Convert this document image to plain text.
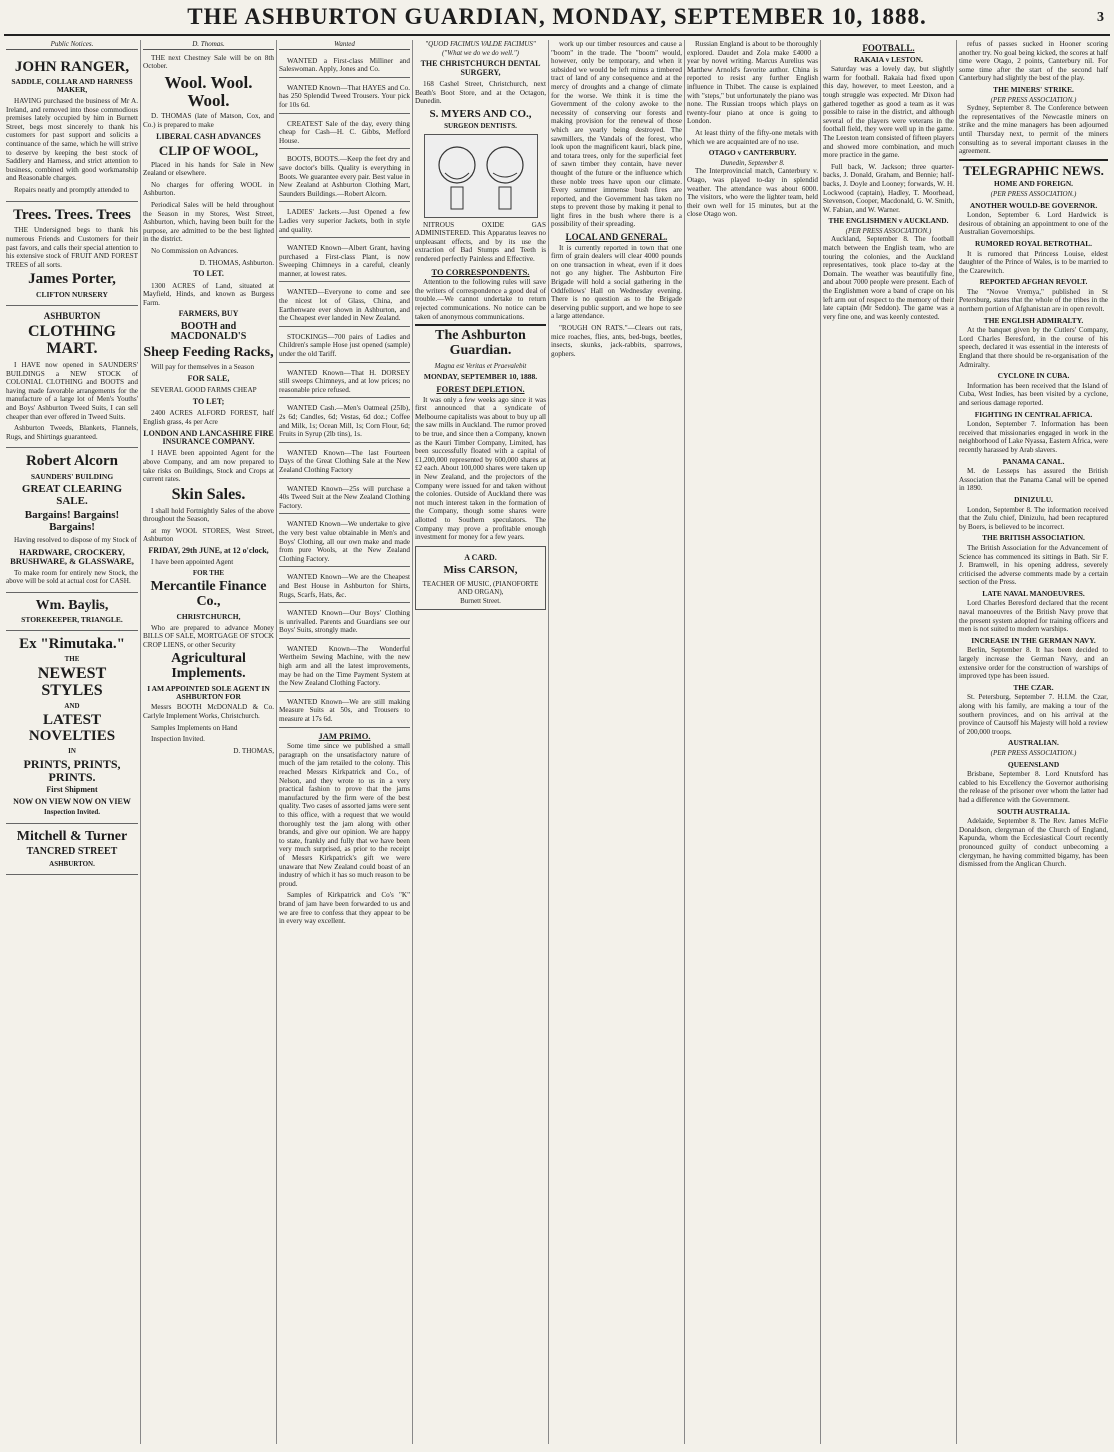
THE ASHBURTON GUARDIAN, MONDAY, SEPTEMBER 10, 1888.	3
Public Notices.
JOHN RANGER,
SADDLE, COLLAR AND HARNESS MAKER,

HAVING purchased the business of Mr A. Ireland, and removed into those commodious premises lately occupied by him in Burnett Street, begs most sincerely to thank his customers for past support and solicits a continuance of the same, which he will strive to deserve by keeping the best stock of Saddlery and Harness, and strict attention to business, combined with good workmanship and Reasonable charges.

Repairs neatly and promptly attended to

Trees. Trees. Trees

THE Undersigned begs to thank his numerous Friends and Customers for their past favors, and calls their special attention to his extensive stock of FRUIT AND FOREST TREES of all sorts.

James Porter,
CLIFTON NURSERY
ASHBURTON
CLOTHING MART.

I HAVE now opened in SAUNDERS' BUILDINGS a NEW STOCK of COLONIAL CLOTHING and BOOTS and having made favorable arrangements for the manufacture of a large lot of Men's Youths' and Boys' Ashburton Tweed Suits, I can sell cheaper than ever offered in Tweed Suits.

Ashburton Tweeds, Blankets, Flannels, Rugs, and Shirtings guaranteed.

Robert Alcorn
SAUNDERS' BUILDING
GREAT CLEARING SALE.
Bargains! Bargains! Bargains!

Having resolved to dispose of my Stock of

HARDWARE, CROCKERY, BRUSHWARE, & GLASSWARE,

To make room for entirely new Stock, the above will be sold at actual cost for CASH.

Wm. Baylis,
STOREKEEPER, TRIANGLE.
Ex "Rimutaka."
THE
NEWEST STYLES
AND
LATEST NOVELTIES
IN
PRINTS, PRINTS, PRINTS.
First Shipment
NOW ON VIEW NOW ON VIEW
Inspection Invited.
Mitchell & Turner
TANCRED STREET
ASHBURTON.
D. Thomas.

THE next Chestney Sale will be on 8th October.

Wool. Wool. Wool.

D. THOMAS (late of Matson, Cox, and Co.) is prepared to make

LIBERAL CASH ADVANCES
CLIP OF WOOL,

Placed in his hands for Sale in New Zealand or elsewhere.

No charges for offering WOOL in Ashburton.

Periodical Sales will be held throughout the Season in my Stores, West Street, Ashburton, which, having been built for the purpose, are admitted to be the best lighted in the district.

No Commission on Advances.

D. THOMAS, Ashburton.

TO LET.

1300 ACRES of Land, situated at Mayfield, Hinds, and known as Burgess Farm.

FARMERS, BUY
BOOTH and MACDONALD'S
Sheep Feeding Racks,

Will pay for themselves in a Season

FOR SALE,

SEVERAL GOOD FARMS CHEAP

TO LET;

2400 ACRES ALFORD FOREST, half English grass, 4s per Acre

LONDON AND LANCASHIRE FIRE INSURANCE COMPANY.

I HAVE been appointed Agent for the above Company, and am now prepared to take risks on Buildings, Stock and Crops at current rates.

Skin Sales.

I shall hold Fortnightly Sales of the above throughout the Season,

at my WOOL STORES, West Street, Ashburton

FRIDAY, 29th JUNE, at 12 o'clock,

I have been appointed Agent

FOR THE
Mercantile Finance Co.,
CHRISTCHURCH,

Who are prepared to advance Money BILLS OF SALE, MORTGAGE OF STOCK CROP LIENS, or other Security

Agricultural Implements.
I AM APPOINTED SOLE AGENT IN ASHBURTON FOR

Messrs BOOTH McDONALD & Co. Carlyle Implement Works, Christchurch.

Samples Implements on Hand

Inspection Invited.

D. THOMAS,

Wanted

WANTED a First-class Milliner and Saleswoman. Apply, Jones and Co.

WANTED Known—That HAYES and Co. has 250 Splendid Tweed Trousers. Your pick for 10s 6d.

CREATEST Sale of the day, every thing cheap for Cash—H. C. Gibbs, Mefford House.

BOOTS, BOOTS.—Keep the feet dry and save doctor's bills. Quality is everything in Boots. We guarantee every pair. Best value in New Zealand at Ashburton Clothing Mart, Saunders Buildings.—Robert Alcorn.

LADIES' Jackets.—Just Opened a few Ladies very superior Jackets, both in style and quality.

WANTED Known—Albert Grant, having purchased a First-class Plant, is now Sweeping Chimneys in a careful, cleanly manner, at lowest rates.

WANTED—Everyone to come and see the nicest lot of Glass, China, and Earthenware ever shown in Ashburton, and the Cheapest ever landed in New Zealand.

STOCKINGS—700 pairs of Ladies and Children's sample Hose just opened (sample) under the old Tariff.

WANTED Known—That H. DORSEY still sweeps Chimneys, and at low prices; no reasonable price refused.

WANTED Cash.—Men's Oatmeal (25lb), 2s 6d; Candles, 6d; Vestas, 6d doz.; Coffee and Milk, 1s; Ocean Mill, 1s; Corn Flour, 6d; Fruits in Syrup (2lb tins), 1s.

WANTED Known—The last Fourteen Days of the Great Clothing Sale at the New Zealand Clothing Factory

WANTED Known—25s will purchase a 40s Tweed Suit at the New Zealand Clothing Factory.

WANTED Known—We undertake to give the very best value obtainable in Men's and Boys' Clothing, all our own make and made from pure Wools, at the New Zealand Clothing Factory.

WANTED Known—We are the Cheapest and Best House in Ashburton for Shirts, Rugs, Scarfs, Hats, &c.

WANTED Known—Our Boys' Clothing is unrivalled. Parents and Guardians see our Boys' Suits, strongly made.

WANTED Known—The Wonderful Wertheim Sewing Machine, with the new high arm and all the latest improvements, may be had on the Time Payment System at the New Zealand Clothing Factory.

WANTED Known—We are still making Measure Suits at 50s, and Trousers to measure at 17s 6d.

JAM PRIMO.

Some time since we published a small paragraph on the unsatisfactory nature of much of the jam retailed to the colony. This reached Messrs Kirkpatrick and Co., of Nelson, and they wrote to us in a very practical fashion to prove that the jams manufactured by the firm were of the best quality. Two cases of assorted jams were sent to this office, with a request that we would thoroughly test the jam along with other brands, and give our opinion. We are happy to state, frankly and fully that we have been very much surprised, as prior to the receipt of Messrs Kirkpatrick's gift we were unaware that New Zealand could boast of an industry of which it has so much reason to be proud.

Samples of Kirkpatrick and Co's "K" brand of jam have been forwarded to us and we are free to confess that they appear to be in every way excellent.

"QUOD FACIMUS VALDE FACIMUS" ("What we do we do well.")
THE CHRISTCHURCH DENTAL SURGERY,

168 Cashel Street, Christchurch, next Beath's Boot Store, and at the Octagon, Dunedin.

S. MYERS AND CO.,
SURGEON DENTISTS.

NITROUS OXIDE GAS ADMINISTERED. This Apparatus leaves no unpleasant effects, and by its use the extraction of Bad Stumps and Teeth is rendered perfectly Painless and Effective.

TO CORRESPONDENTS.

Attention to the following rules will save the writers of correspondence a good deal of trouble.—We cannot undertake to return rejected communications. No notice can be taken of anonymous communications.

The Ashburton Guardian.
Magna est Veritas et Praevalebit
MONDAY, SEPTEMBER 10, 1888.
FOREST DEPLETION.

It was only a few weeks ago since it was first announced that a syndicate of Melbourne capitalists was about to buy up all the saw mills in Auckland. The rumor proved to be true, and since then a Company, known as the Kauri Timber Company, Limited, has been successfully floated with a capital of £1,200,000 represented by 600,000 shares at £2 each. About 100,000 shares were taken up in New Zealand, and the projectors of the Company were issued for and taken without the colonies. Outside of Auckland there was not much interest taken in the formation of the Company, though some shares were allotted to Southern speculators. The Company may prove a profitable enough investment for money for a few years.

A CARD.
Miss CARSON,
TEACHER OF MUSIC, (PIANOFORTE AND ORGAN),
Burnett Street.

work up our timber resources and cause a "boom" in the trade. The "boom" would, however, only be temporary, and when it subsided we would be left minus a timbered tract of land of any consequence and at the mercy of droughts and a change of climate for the worse. We think it is time the Government of the colony awoke to the necessity of conserving our forests and making provision for the renewal of those which are yearly being destroyed. The sawmillers, the Vandals of the forest, who look upon the magnificent kauri, black pine, and totara trees, only for the superficial feet of sawn timber they contain, have never thought of the future or the influence which these noble trees have upon our climate. Every summer immense bush fires are reported, and the Government has taken no steps to prevent those by making it penal to light fires in the bush where there is a possibility of their spreading.

LOCAL AND GENERAL.

It is currently reported in town that one firm of grain dealers will clear 4000 pounds on one transaction in wheat, even if it does not go any higher. The Ashburton Fire Brigade will hold a social gathering in the Oddfellows' Hall on Wednesday evening. There is no question as to the Brigade deserving public support, and we hope to see a large attendance.

"ROUGH ON RATS."—Clears out rats, mice roaches, flies, ants, bed-bugs, beetles, insects, skunks, jack-rabbits, sparrows, gophers.

Russian England is about to be thoroughly explored. Daudet and Zola make £4000 a year by novel writing. Marcus Aurelius was Matthew Arnold's favorite author. China is reported to resist any further English influence in Thibet. The cause is explained with "steps," but unfortunately the piano was none. The Russian troops which plays on twenty-four piano at once is going to London.

At least thirty of the fifty-one metals with which we are acquainted are of no use.

OTAGO v CANTERBURY.
Dunedin, September 8.

The Interprovincial match, Canterbury v. Otago, was played to-day in splendid weather. The attendance was about 6000. The visitors, who were the lighter team, held their own well for 15 minutes, but at the close Otago won.

FOOTBALL.
RAKAIA v LESTON.

Saturday was a lovely day, but slightly warm for football. Rakaia had fixed upon this day, however, to meet Leeston, and a tough struggle was expected. Mr Dixon had gathered together as good a team as it was possible to raise in the district, and although several of the players were veterans in the football field, they were well up in the game. The Leeston team consisted of fifteen players and showed more combination, and much more practice in the game.

Full back, W. Jackson; three quarter-backs, J. Donald, Graham, and Bennie; half-backs, J. Doyle and Looney; forwards, W. H. Lockwood (captain), Hadley, T. Moorhead, Stevenson, Cooper, Macdonald, G. W. Smith, W. Fabian, and W. Warner.

THE ENGLISHMEN v AUCKLAND.
(PER PRESS ASSOCIATION.)

Auckland, September 8. The football match between the English team, who are touring the colonies, and the Auckland representatives, took place to-day at the Domain. The weather was beautifully fine, and about 7000 people were present. Each of the Englishmen wore a band of crape on his left arm out of respect to the memory of their late captain (Mr Seddon). The game was a very fine one, and was keenly contested.

refus of passes sucked in Hooner scoring another try. No goal being kicked, the scores at half time were Otago, 2 points, Canterbury nil. For some time after the start of the second half Canterbury had slightly the best of the play.

THE MINERS' STRIKE.
(PER PRESS ASSOCIATION.)

Sydney, September 8. The Conference between the representatives of the Newcastle miners on strike and the mine managers has been adjourned until Thursday next, to permit of the miners consulting as to several important clauses in the agreement.

TELEGRAPHIC NEWS.
HOME AND FOREIGN.
(PER PRESS ASSOCIATION.)
ANOTHER WOULD-BE GOVERNOR.

London, September 6. Lord Hardwick is desirous of obtaining an appointment to one of the Australian Governorships.

RUMORED ROYAL BETROTHAL.

It is rumored that Princess Louise, eldest daughter of the Prince of Wales, is to be married to the Czarewitch.

REPORTED AFGHAN REVOLT.

The "Novoe Vremya," published in St Petersburg, states that the whole of the tribes in the northern portion of Afghanistan are in open revolt.

THE ENGLISH ADMIRALTY.

At the banquet given by the Cutlers' Company, Lord Charles Beresford, in the course of his speech, declared it was essential in the interests of England that there should be re-organisation of the Admiralty.

CYCLONE IN CUBA.

Information has been received that the Island of Cuba, West Indies, has been visited by a cyclone, and serious damage reported.

FIGHTING IN CENTRAL AFRICA.

London, September 7. Information has been received that missionaries engaged in work in the neighborhood of Lake Nyassa, Eastern Africa, were recently harassed by Arab slavers.

PANAMA CANAL.

M. de Lesseps has assured the British Association that the Panama Canal will be opened in 1890.

DINIZULU.

London, September 8. The information received that the Zulu chief, Dinizulu, had been recaptured by Boers, is believed to be incorrect.

THE BRITISH ASSOCIATION.

The British Association for the Advancement of Science has commenced its sittings in Bath. Sir F. J. Bramwell, in his opening address, severely criticised the adverse comments made by a certain section of the Press.

LATE NAVAL MANOEUVRES.

Lord Charles Beresford declared that the recent naval manoeuvres of the British Navy prove that the present system adopted for training officers and men is not suited to modern warships.

INCREASE IN THE GERMAN NAVY.

Berlin, September 8. It has been decided to largely increase the German Navy, and an extensive order for the construction of warships of improved type has been issued.

THE CZAR.

St. Petersburg, September 7. H.I.M. the Czar, along with his family, are making a tour of the southern provinces, and on his arrival at the province of Cautsoff his Majesty will hold a review of 200,000 troops.

AUSTRALIAN.
(PER PRESS ASSOCIATION.)
QUEENSLAND

Brisbane, September 8. Lord Knutsford has cabled to his Excellency the Governor authorising the release of the prisoner over whom the latter had had a difference with the Government.

SOUTH AUSTRALIA.

Adelaide, September 8. The Rev. James McFie Donaldson, clergyman of the Church of England, Kapunda, whom the Ecclesiastical Court recently pronounced guilty of conduct unbecoming a clergyman, he having committed bigamy, has been dismissed from the Anglican Church.
